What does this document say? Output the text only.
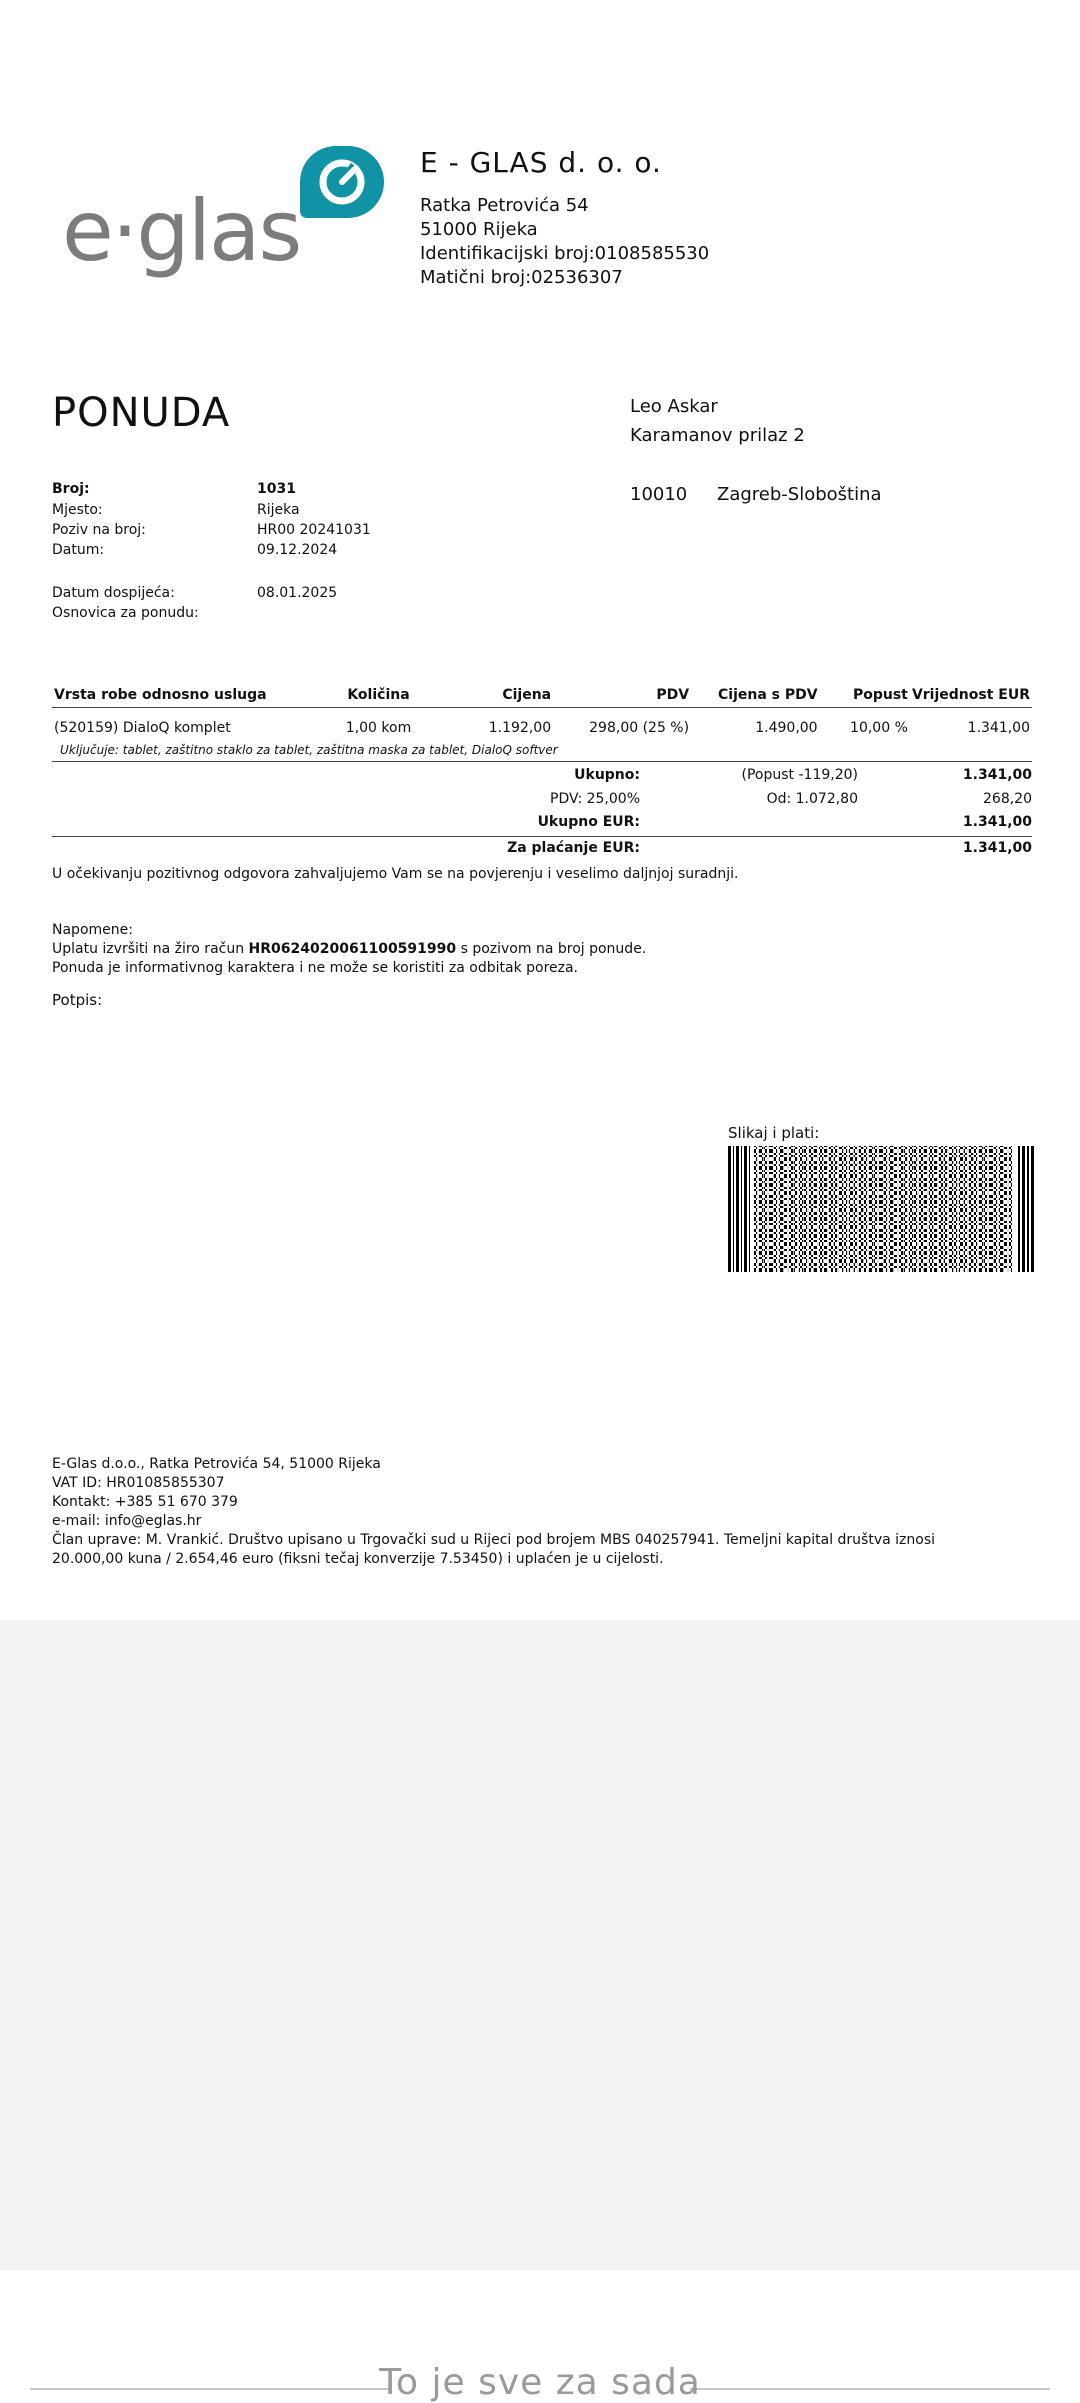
e·glas
E - GLAS d. o. o.
Ratka Petrovića 54
51000 Rijeka
Identifikacijski broj:0108585530
Matični broj:02536307
PONUDA	Leo Askar
Karamanov prilaz 2
10010 Zagreb-Sloboština
Broj:	1031
Mjesto:	Rijeka
Poziv na broj:	HR00 20241031
Datum:	09.12.2024
Datum dospijeća:	08.01.2025
Osnovica za ponudu:
Vrsta robe odnosno usluga	Količina	Cijena	PDV	Cijena s PDV	Popust	Vrijednost EUR
(520159) DialoQ komplet	1,00 kom	1.192,00	298,00 (25 %)	1.490,00	10,00 %	1.341,00
Uključuje: tablet, zaštitno staklo za tablet, zaštitna maska za tablet, DialoQ softver
Ukupno:	(Popust -119,20)	1.341,00
PDV: 25,00%	Od: 1.072,80	268,20
Ukupno EUR:	1.341,00
Za plaćanje EUR:	1.341,00
U očekivanju pozitivnog odgovora zahvaljujemo Vam se na povjerenju i veselimo daljnjoj suradnji.
Napomene:
Uplatu izvršiti na žiro račun HR0624020061100591990 s pozivom na broj ponude.
Ponuda je informativnog karaktera i ne može se koristiti za odbitak poreza.
Potpis:
Slikaj i plati:
E-Glas d.o.o., Ratka Petrovića 54, 51000 Rijeka
VAT ID: HR01085855307
Kontakt: +385 51 670 379
e-mail: info@eglas.hr
Član uprave: M. Vrankić. Društvo upisano u Trgovački sud u Rijeci pod brojem MBS 040257941. Temeljni kapital društva iznosi
20.000,00 kuna / 2.654,46 euro (fiksni tečaj konverzije 7.53450) i uplaćen je u cijelosti.
To je sve za sada
